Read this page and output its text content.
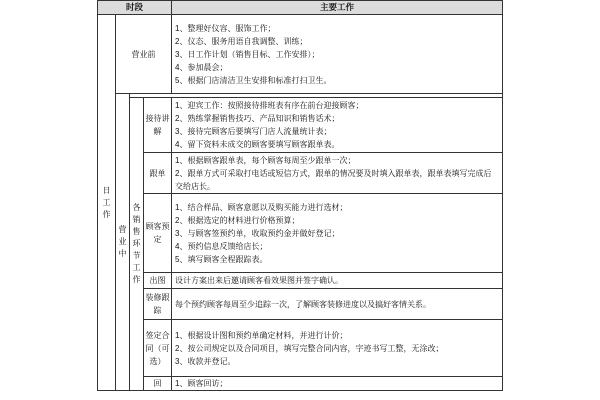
时段				主要工作
日工作	营业前			1、整理好仪容、服饰工作；
2、仪态、服务用语自我调整、训练；
3、日工作计划（销售目标、工作安排）；
4、参加晨会；
5、根据门店清洁卫生安排和标准打扫卫生。

	营业中			
		各销售环节工作	接待讲解	1、迎宾工作：按照接待排班表有序在前台迎接顾客；
2、熟练掌握销售技巧、产品知识和销售话术；
3、接待完顾客后要填写门店人流量统计表；
4、留下资料未成交的顾客要填写顾客跟单表。

			跟单	1、根据顾客跟单表，每个顾客每周至少跟单一次；
2、跟单方式可采取打电话或短信方式，跟单的情况要及时填入跟单表，跟单表填写完成后交给店长。

			顾客预定	1、结合样品、顾客意愿以及购买能力进行选材；
2、根据选定的材料进行价格预算；
3、与顾客签预约单，收取预约金并做好登记；
4、预约信息反馈给店长；
5、填写顾客全程跟踪表。

			出图	设计方案出来后邀请顾客看效果图并签字确认。

			装修跟踪	每个预约顾客每周至少追踪一次，了解顾客装修进度以及搞好客情关系。

			签定合同（可选）	1、根据设计图和预约单确定材料，并进行计价；
2、按公司规定以及合同项目，填写完整合同内容，字迹书写工整，无涂改；
3、收款并登记。

			回	1、顾客回访；
